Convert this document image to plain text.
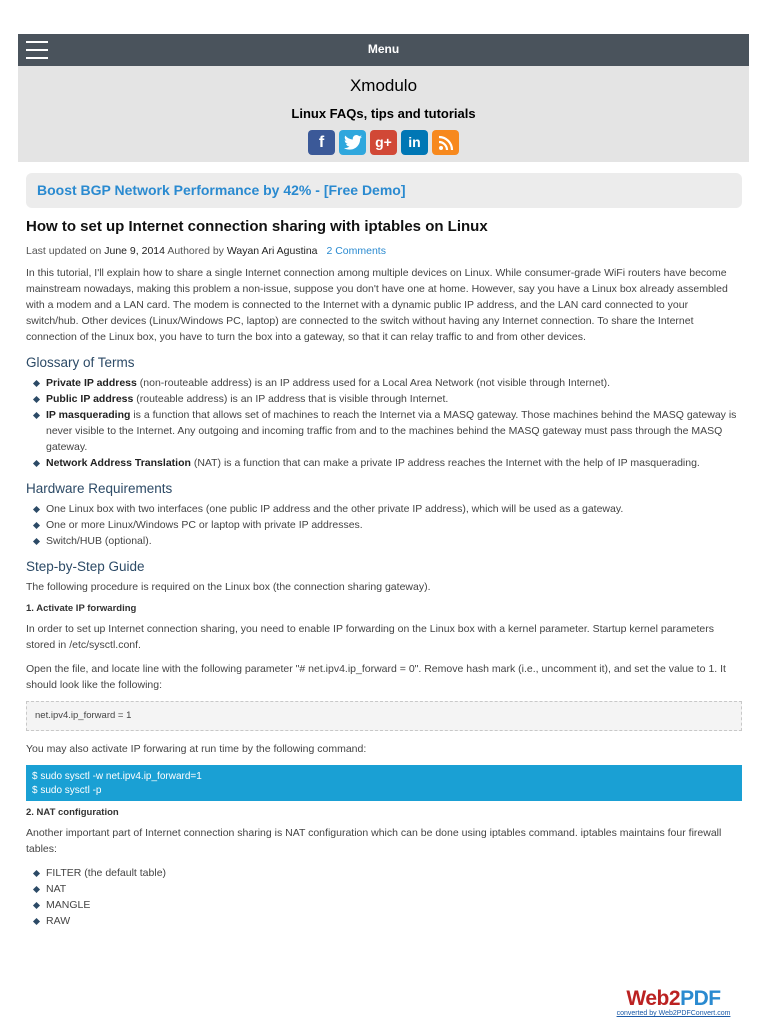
Menu
Xmodulo
Linux FAQs, tips and tutorials
f	g+	in
Boost BGP Network Performance by 42% - [Free Demo]
How to set up Internet connection sharing with iptables on Linux
Last updated on June 9, 2014 Authored by Wayan Ari Agustina 2 Comments

In this tutorial, I'll explain how to share a single Internet connection among multiple devices on Linux. While consumer-grade WiFi routers have become mainstream nowadays, making this problem a non-issue, suppose you don't have one at home. However, say you have a Linux box already assembled with a modem and a LAN card. The modem is connected to the Internet with a dynamic public IP address, and the LAN card connected to your switch/hub. Other devices (Linux/Windows PC, laptop) are connected to the switch without having any Internet connection. To share the Internet connection of the Linux box, you have to turn the box into a gateway, so that it can relay traffic to and from other devices.

Glossary of Terms
Private IP address (non-routeable address) is an IP address used for a Local Area Network (not visible through Internet).
Public IP address (routeable address) is an IP address that is visible through Internet.
IP masquerading is a function that allows set of machines to reach the Internet via a MASQ gateway. Those machines behind the MASQ gateway is never visible to the Internet. Any outgoing and incoming traffic from and to the machines behind the MASQ gateway must pass through the MASQ gateway.
Network Address Translation (NAT) is a function that can make a private IP address reaches the Internet with the help of IP masquerading.
Hardware Requirements
One Linux box with two interfaces (one public IP address and the other private IP address), which will be used as a gateway.
One or more Linux/Windows PC or laptop with private IP addresses.
Switch/HUB (optional).
Step-by-Step Guide

The following procedure is required on the Linux box (the connection sharing gateway).

1. Activate IP forwarding

In order to set up Internet connection sharing, you need to enable IP forwarding on the Linux box with a kernel parameter. Startup kernel parameters stored in /etc/sysctl.conf.

Open the file, and locate line with the following parameter "# net.ipv4.ip_forward = 0". Remove hash mark (i.e., uncomment it), and set the value to 1. It should look like the following:

net.ipv4.ip_forward = 1

You may also activate IP forwaring at run time by the following command:

$ sudo sysctl -w net.ipv4.ip_forward=1
$ sudo sysctl -p
2. NAT configuration

Another important part of Internet connection sharing is NAT configuration which can be done using iptables command. iptables maintains four firewall tables:

FILTER (the default table)
NAT
MANGLE
RAW
Web2PDF
converted by Web2PDFConvert.com
